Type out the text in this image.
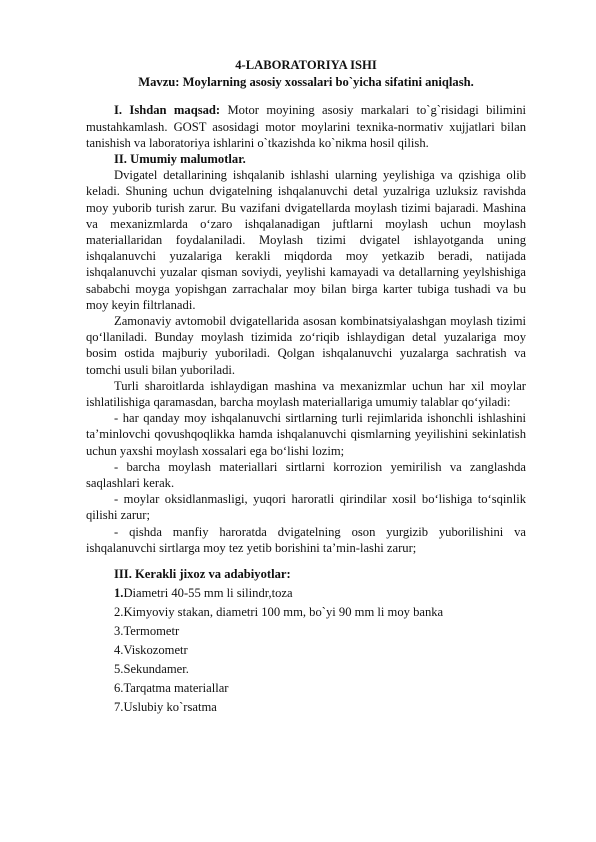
4-LABORATORIYA ISHI
Mavzu: Moylarning asosiy xossalari bo`yicha sifatini aniqlash.

I. Ishdan maqsad: Motor moyining asosiy markalari to`g`risidagi bilimini mustahkamlash. GOST asosidagi motor moylarini texnika-normativ xujjatlari bilan tanishish va laboratoriya ishlarini o`tkazishda ko`nikma hosil qilish.

II. Umumiy malumotlar.

Dvigatel detallarining ishqalanib ishlashi ularning yeylishiga va qzishiga olib keladi. Shuning uchun dvigatelning ishqalanuvchi detal yuzalriga uzluksiz ravishda moy yuborib turish zarur. Bu vazifani dvigatellarda moylash tizimi bajaradi. Mashina va mexanizmlarda o‘zaro ishqalanadigan juftlarni moylash uchun moylash materiallaridan foydalaniladi. Moylash tizimi dvigatel ishlayotganda uning ishqalanuvchi yuzalariga kerakli miqdorda moy yetkazib beradi, natijada ishqalanuvchi yuzalar qisman soviydi, yeylishi kamayadi va detallarning yeylshishiga sababchi moyga yopishgan zarrachalar moy bilan birga karter tubiga tushadi va bu moy keyin filtrlanadi.

Zamonaviy avtomobil dvigatellarida asosan kombinatsiyalashgan moylash tizimi qo‘llaniladi. Bunday moylash tizimida zo‘riqib ishlaydigan detal yuzalariga moy bosim ostida majburiy yuboriladi. Qolgan ishqalanuvchi yuzalarga sachratish va tomchi usuli bilan yuboriladi.

Turli sharoitlarda ishlaydigan mashina va mexanizmlar uchun har xil moylar ishlatilishiga qaramasdan, barcha moylash materiallariga umumiy talablar qo‘yiladi:

- har qanday moy ishqalanuvchi sirtlarning turli rejimlarida ishonchli ishlashini ta’minlovchi qovushqoqlikka hamda ishqalanuvchi qismlarning yeyilishini sekinlatish uchun yaxshi moylash xossalari ega bo‘lishi lozim;

- barcha moylash materiallari sirtlarni korrozion yemirilish va zanglashda saqlashlari kerak.

- moylar oksidlanmasligi, yuqori haroratli qirindilar xosil bo‘lishiga to‘sqinlik qilishi zarur;

- qishda manfiy haroratda dvigatelning oson yurgizib yuborilishini va ishqalanuvchi sirtlarga moy tez yetib borishini ta’min-lashi zarur;

III. Kerakli jixoz va adabiyotlar:

1.Diametri 40-55 mm li silindr,toza
2.Kimyoviy stakan, diametri 100 mm, bo`yi 90 mm li moy banka
3.Termometr
4.Viskozometr
5.Sekundamer.
6.Tarqatma materiallar
7.Uslubiy ko`rsatma
